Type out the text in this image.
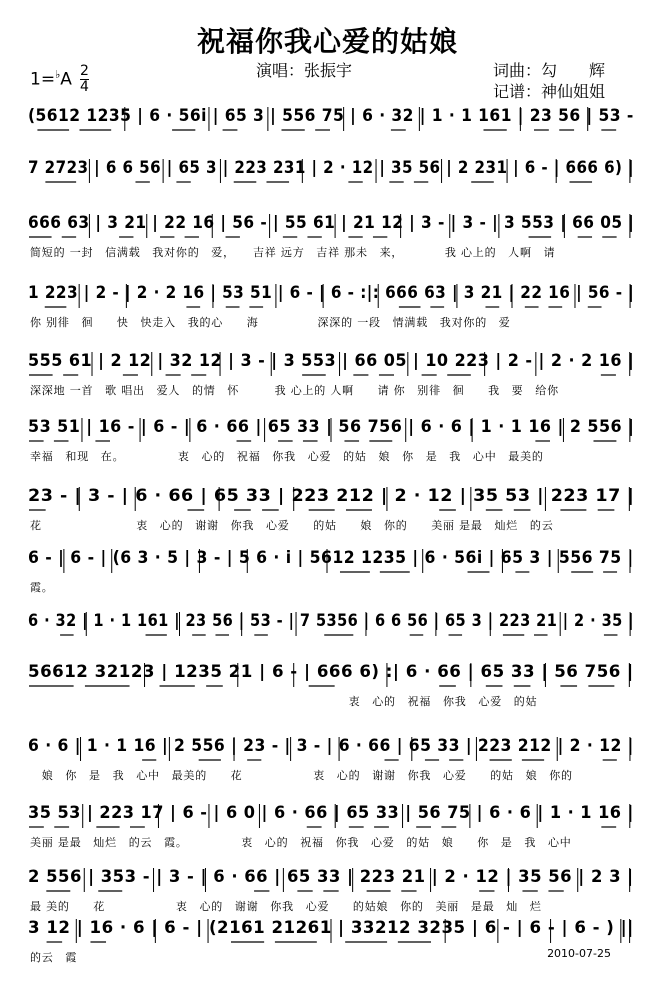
祝福你我心爱的姑娘
演唱：张振宇	词曲：勾　　辉
记谱：神仙姐姐
$1=^♭A \frac{2}{4}$
(5612 1235 | 6 · 56i | 65 3 | 556 75 | 6 · 32 | 1 · 1 161 | 23 56 | 53 -
7 2723 | 6 6 56 | 65 3 | 223 231 | 2 · 12 | 35 56 | 2 231 | 6 - | 666 6) |
666 63 | 3 21 | 22 16 | 56 - | 55 61 | 21 12 | 3 - | 3 - | 3 553 | 66 05 |
简短的 一封　信满载　我对你的　爱，　　吉祥 远方　吉祥 那未　来，　　　　我 心上的　人啊　请
1 223 | 2 - | 2 · 2 16 | 53 51 | 6 - | 6 - :|: 666 63 | 3 21 | 22 16 | 56 - |
你 别徘　徊　　快　快走入　我的心　　海　　　　　深深的 一段　情满载　我对你的　爱
555 61 | 2 12 | 32 12 | 3 - | 3 553 | 66 05 | 10 223 | 2 - | 2 · 2 16 |
深深地 一首　歌 唱出　爱人　的情　怀　　　我 心上的 人啊　　请 你　别徘　徊　　我　要　给你
53 51 | 16 - | 6 - | 6 · 66 | 65 33 | 56 756 | 6 · 6 | 1 · 1 16 | 2 556 |
幸福　和现　在。　　　　　衷　心的　祝福　你我　心爱　的姑　娘　你　是　我　心中　最美的
23 - | 3 - | 6 · 66 | 65 33 | 223 212 | 2 · 12 | 35 53 | 223 17 |
花　　　　　　　　衷　心的　谢谢　你我　心爱　　的姑　　娘　你的　　美丽 是最　灿烂　的云
6 - | 6 - | (6 3 · 5 | 3 - | 5 6 · i | 5612 1235 | 6 · 56i | 65 3 | 556 75 |
霞。
6 · 32 | 1 · 1 161 | 23 56 | 53 - | 7 5356 | 6 6 56 | 65 3 | 223 21 | 2 · 35 |
56612 32123 | 1235 21 | 6 - | 666 6) :| 6 · 66 | 65 33 | 56 756 |
　　　　　　　　　　　　　　　　　　　　　　　　　　　衷　心的　祝福　你我　心爱　的姑
6 · 6 | 1 · 1 16 | 2 556 | 23 - | 3 - | 6 · 66 | 65 33 | 223 212 | 2 · 12 |
　娘　你　是　我　心中　最美的　　花　　　　　　衷　心的　谢谢　你我　心爱　　的姑　娘　你的
35 53 | 223 17 | 6 - | 6 0 | 6 · 66 | 65 33 | 56 75 | 6 · 6 | 1 · 1 16 |
美丽 是最　灿烂　的云　霞。　　　　　衷　心的　祝福　你我　心爱　的姑　娘　　你　是　我　心中
2 556 | 353 - | 3 - | 6 · 66 | 65 33 | 223 21 | 2 · 12 | 35 56 | 2 3 |
最 美的　　花　　　　　　衷　心的　谢谢　你我　心爱　　的姑娘　你的　美丽　是最　灿　烂
3 12 | 16 · 6 | 6 - | (2161 21261 | 33212 3235 | 6 - | 6 - | 6 - ) ||
的云　霞	2010-07-25
